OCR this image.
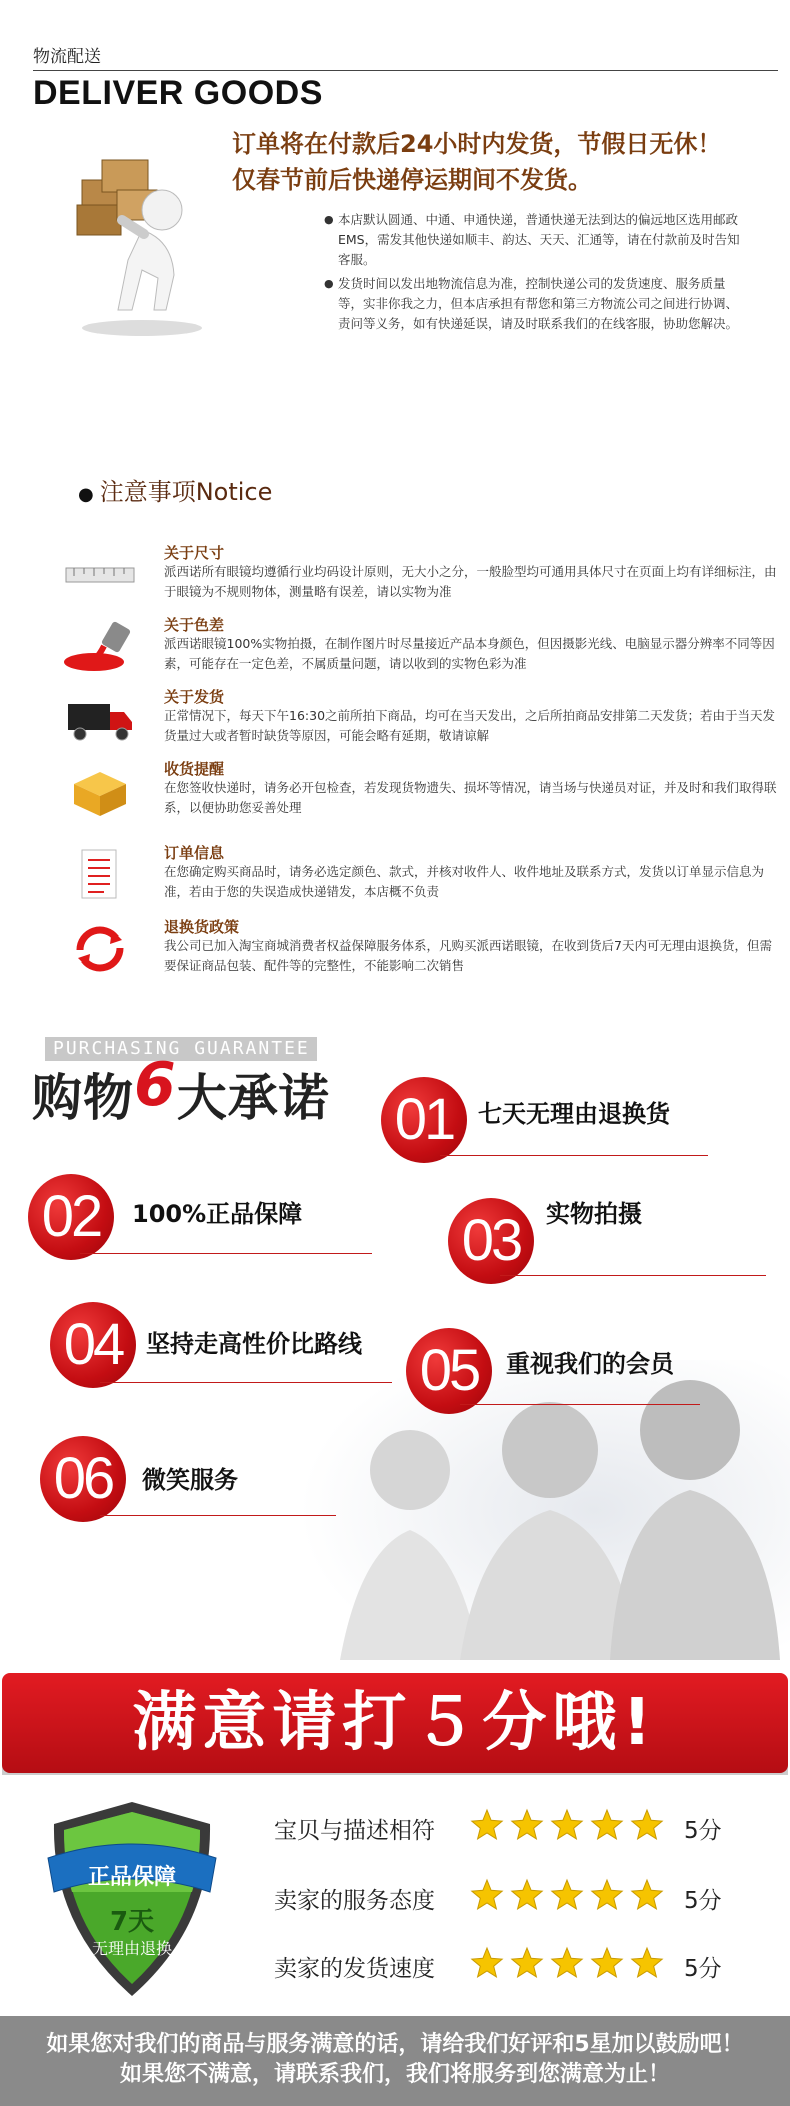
物流配送
DELIVER GOODS
订单将在付款后24小时内发货，节假日无休！
仅春节前后快递停运期间不发货。
● 本店默认圆通、中通、申通快递，普通快递无法到达的偏远地区选用邮政EMS，需发其他快递如顺丰、韵达、天天、汇通等，请在付款前及时告知客服。
● 发货时间以发出地物流信息为准，控制快递公司的发货速度、服务质量等，实非你我之力，但本店承担有帮您和第三方物流公司之间进行协调、责问等义务，如有快递延误，请及时联系我们的在线客服，协助您解决。
● 注意事项Notice
关于尺寸
派西诺所有眼镜均遵循行业均码设计原则，无大小之分，一般脸型均可通用具体尺寸在页面上均有详细标注，由于眼镜为不规则物体，测量略有误差，请以实物为准
关于色差
派西诺眼镜100%实物拍摄，在制作图片时尽量接近产品本身颜色，但因摄影光线、电脑显示器分辨率不同等因素，可能存在一定色差，不属质量问题，请以收到的实物色彩为准
关于发货
正常情况下，每天下午16:30之前所拍下商品，均可在当天发出，之后所拍商品安排第二天发货；若由于当天发货量过大或者暂时缺货等原因，可能会略有延期，敬请谅解
收货提醒
在您签收快递时，请务必开包检查，若发现货物遗失、损坏等情况，请当场与快递员对证，并及时和我们取得联系，以便协助您妥善处理
订单信息
在您确定购买商品时，请务必选定颜色、款式，并核对收件人、收件地址及联系方式，发货以订单显示信息为准，若由于您的失误造成快递错发，本店概不负责
退换货政策
我公司已加入淘宝商城消费者权益保障服务体系，凡购买派西诺眼镜，在收到货后7天内可无理由退换货，但需要保证商品包装、配件等的完整性，不能影响二次销售
PURCHASING GUARANTEE
购物6大承诺 01	七天无理由退换货
02	100%正品保障	03	实物拍摄
04 坚持走高性价比路线 05	重视我们的会员
06	微笑服务
满意请打５分哦!
正品保障
7天
无理由退换
宝贝与描述相符	5分
卖家的服务态度	5分
卖家的发货速度	5分
如果您对我们的商品与服务满意的话，请给我们好评和5星加以鼓励吧！
如果您不满意，请联系我们，我们将服务到您满意为止！
